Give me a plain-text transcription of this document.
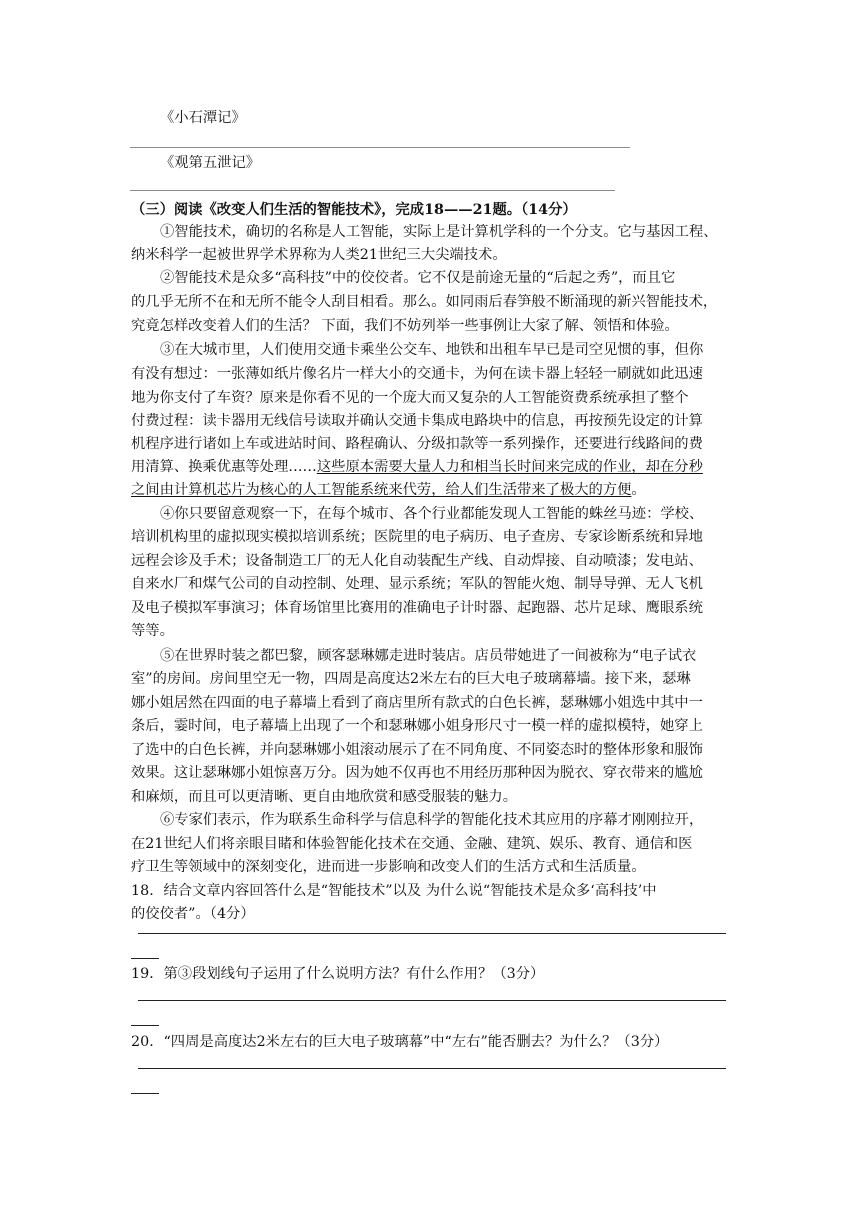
《小石潭记》
《观第五泄记》
（三）阅读《改变人们生活的智能技术》，完成18——21题。（14分）
①智能技术，确切的名称是人工智能，实际上是计算机学科的一个分支。它与基因工程、
纳米科学一起被世界学术界称为人类21世纪三大尖端技术。
②智能技术是众多“高科技”中的佼佼者。它不仅是前途无量的“后起之秀”，而且它
的几乎无所不在和无所不能令人刮目相看。那么。如同雨后春笋般不断涌现的新兴智能技术，
究竟怎样改变着人们的生活？ 下面，我们不妨列举一些事例让大家了解、领悟和体验。
③在大城市里，人们使用交通卡乘坐公交车、地铁和出租车早已是司空见惯的事，但你
有没有想过：一张薄如纸片像名片一样大小的交通卡，为何在读卡器上轻轻一刷就如此迅速
地为你支付了车资？原来是你看不见的一个庞大而又复杂的人工智能资费系统承担了整个
付费过程：读卡器用无线信号读取并确认交通卡集成电路块中的信息，再按预先设定的计算
机程序进行诸如上车或进站时间、路程确认、分级扣款等一系列操作，还要进行线路间的费
用清算、换乘优惠等处理……这些原本需要大量人力和相当长时间来完成的作业，却在分秒
之间由计算机芯片为核心的人工智能系统来代劳，给人们生活带来了极大的方便。
④你只要留意观察一下，在每个城市、各个行业都能发现人工智能的蛛丝马迹：学校、
培训机构里的虚拟现实模拟培训系统；医院里的电子病历、电子查房、专家诊断系统和异地
远程会诊及手术；设备制造工厂的无人化自动装配生产线、自动焊接、自动喷漆；发电站、
自来水厂和煤气公司的自动控制、处理、显示系统；军队的智能火炮、制导导弹、无人飞机
及电子模拟军事演习；体育场馆里比赛用的准确电子计时器、起跑器、芯片足球、鹰眼系统
等等。
⑤在世界时装之都巴黎，顾客瑟琳娜走进时装店。店员带她进了一间被称为“电子试衣
室”的房间。房间里空无一物，四周是高度达2米左右的巨大电子玻璃幕墙。接下来，瑟琳
娜小姐居然在四面的电子幕墙上看到了商店里所有款式的白色长裤，瑟琳娜小姐选中其中一
条后，霎时间，电子幕墙上出现了一个和瑟琳娜小姐身形尺寸一模一样的虚拟模特，她穿上
了选中的白色长裤，并向瑟琳娜小姐滚动展示了在不同角度、不同姿态时的整体形象和服饰
效果。这让瑟琳娜小姐惊喜万分。因为她不仅再也不用经历那种因为脱衣、穿衣带来的尴尬
和麻烦，而且可以更清晰、更自由地欣赏和感受服装的魅力。
⑥专家们表示，作为联系生命科学与信息科学的智能化技术其应用的序幕才刚刚拉开，
在21世纪人们将亲眼目睹和体验智能化技术在交通、金融、建筑、娱乐、教育、通信和医
疗卫生等领域中的深刻变化，进而进一步影响和改变人们的生活方式和生活质量。
18．结合文章内容回答什么是“智能技术”以及 为什么说“智能技术是众多‘高科技’中
的佼佼者”。（4分）
19．第③段划线句子运用了什么说明方法？有什么作用？（3分）
20．“四周是高度达2米左右的巨大电子玻璃幕”中“左右”能否删去？为什么？（3分）
